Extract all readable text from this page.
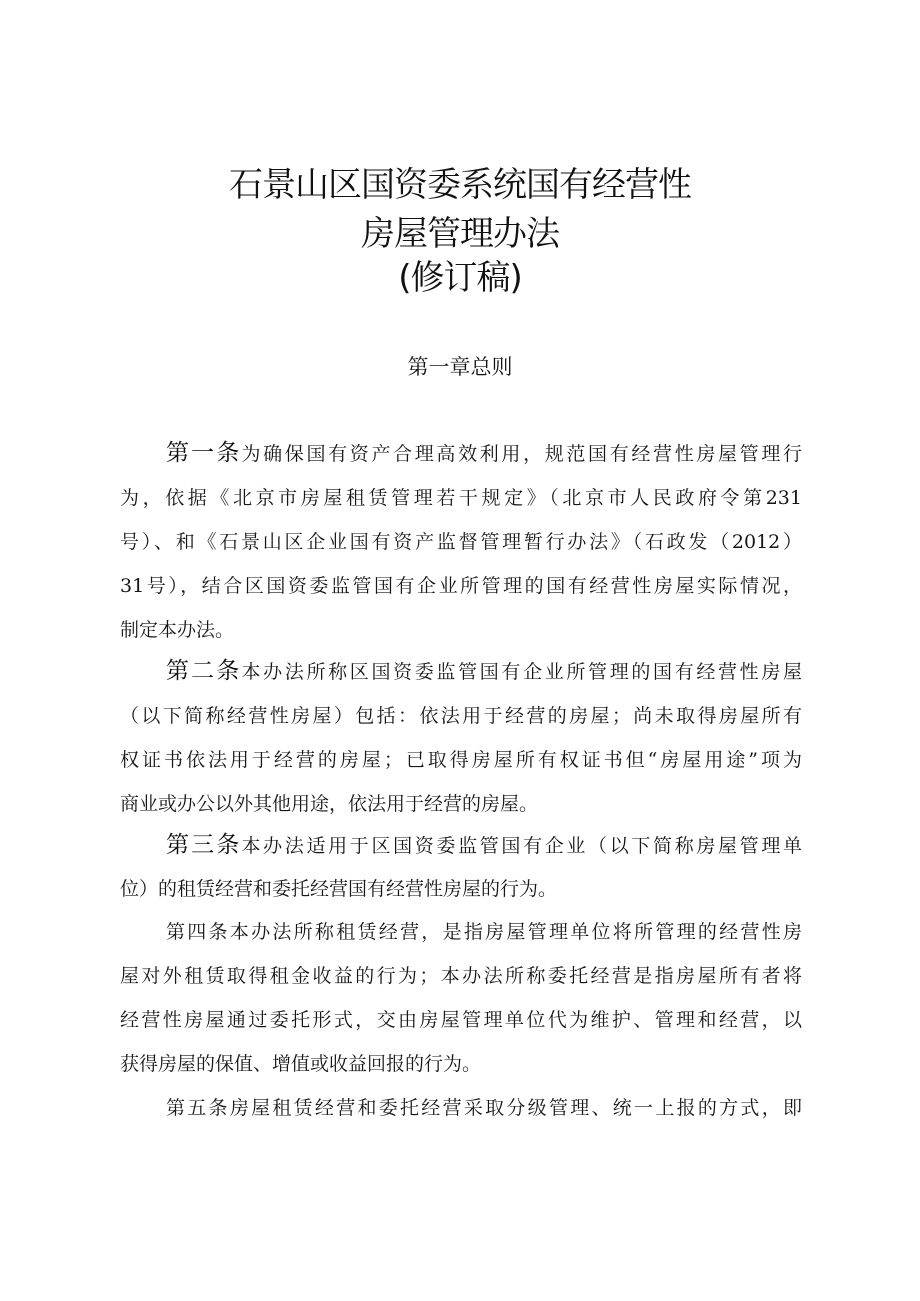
石景山区国资委系统国有经营性
房屋管理办法
(修订稿)
第一章总则
第一条为确保国有资产合理高效利用，规范国有经营性房屋管理行
为，依据《北京市房屋租赁管理若干规定》（北京市人民政府令第231
号）、和《石景山区企业国有资产监督管理暂行办法》（石政发（2012）
31号），结合区国资委监管国有企业所管理的国有经营性房屋实际情况，
制定本办法。
第二条本办法所称区国资委监管国有企业所管理的国有经营性房屋
（以下简称经营性房屋）包括：依法用于经营的房屋；尚未取得房屋所有
权证书依法用于经营的房屋；已取得房屋所有权证书但“房屋用途”项为
商业或办公以外其他用途，依法用于经营的房屋。
第三条本办法适用于区国资委监管国有企业（以下简称房屋管理单
位）的租赁经营和委托经营国有经营性房屋的行为。
第四条本办法所称租赁经营，是指房屋管理单位将所管理的经营性房
屋对外租赁取得租金收益的行为；本办法所称委托经营是指房屋所有者将
经营性房屋通过委托形式，交由房屋管理单位代为维护、管理和经营，以
获得房屋的保值、增值或收益回报的行为。
第五条房屋租赁经营和委托经营采取分级管理、统一上报的方式，即
